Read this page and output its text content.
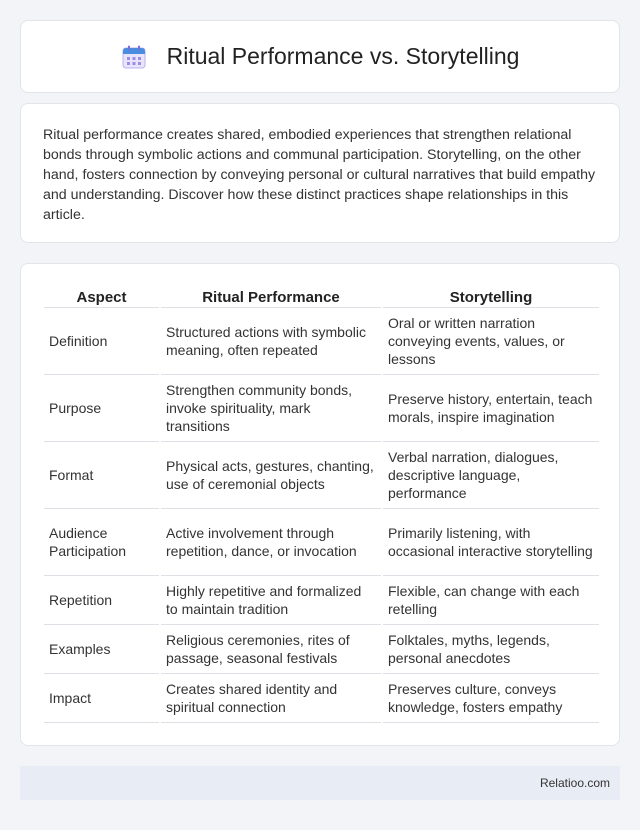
Ritual Performance vs. Storytelling

Ritual performance creates shared, embodied experiences that strengthen relational bonds through symbolic actions and communal participation. Storytelling, on the other hand, fosters connection by conveying personal or cultural narratives that build empathy and understanding. Discover how these distinct practices shape relationships in this article.

Aspect	Ritual Performance	Storytelling
Definition	Structured actions with symbolic meaning, often repeated	Oral or written narration conveying events, values, or lessons
Purpose	Strengthen community bonds, invoke spirituality, mark transitions	Preserve history, entertain, teach morals, inspire imagination
Format	Physical acts, gestures, chanting, use of ceremonial objects	Verbal narration, dialogues, descriptive language, performance
Audience Participation	Active involvement through repetition, dance, or invocation	Primarily listening, with occasional interactive storytelling
Repetition	Highly repetitive and formalized to maintain tradition	Flexible, can change with each retelling
Examples	Religious ceremonies, rites of passage, seasonal festivals	Folktales, myths, legends, personal anecdotes
Impact	Creates shared identity and spiritual connection	Preserves culture, conveys knowledge, fosters empathy
Relatioo.com
